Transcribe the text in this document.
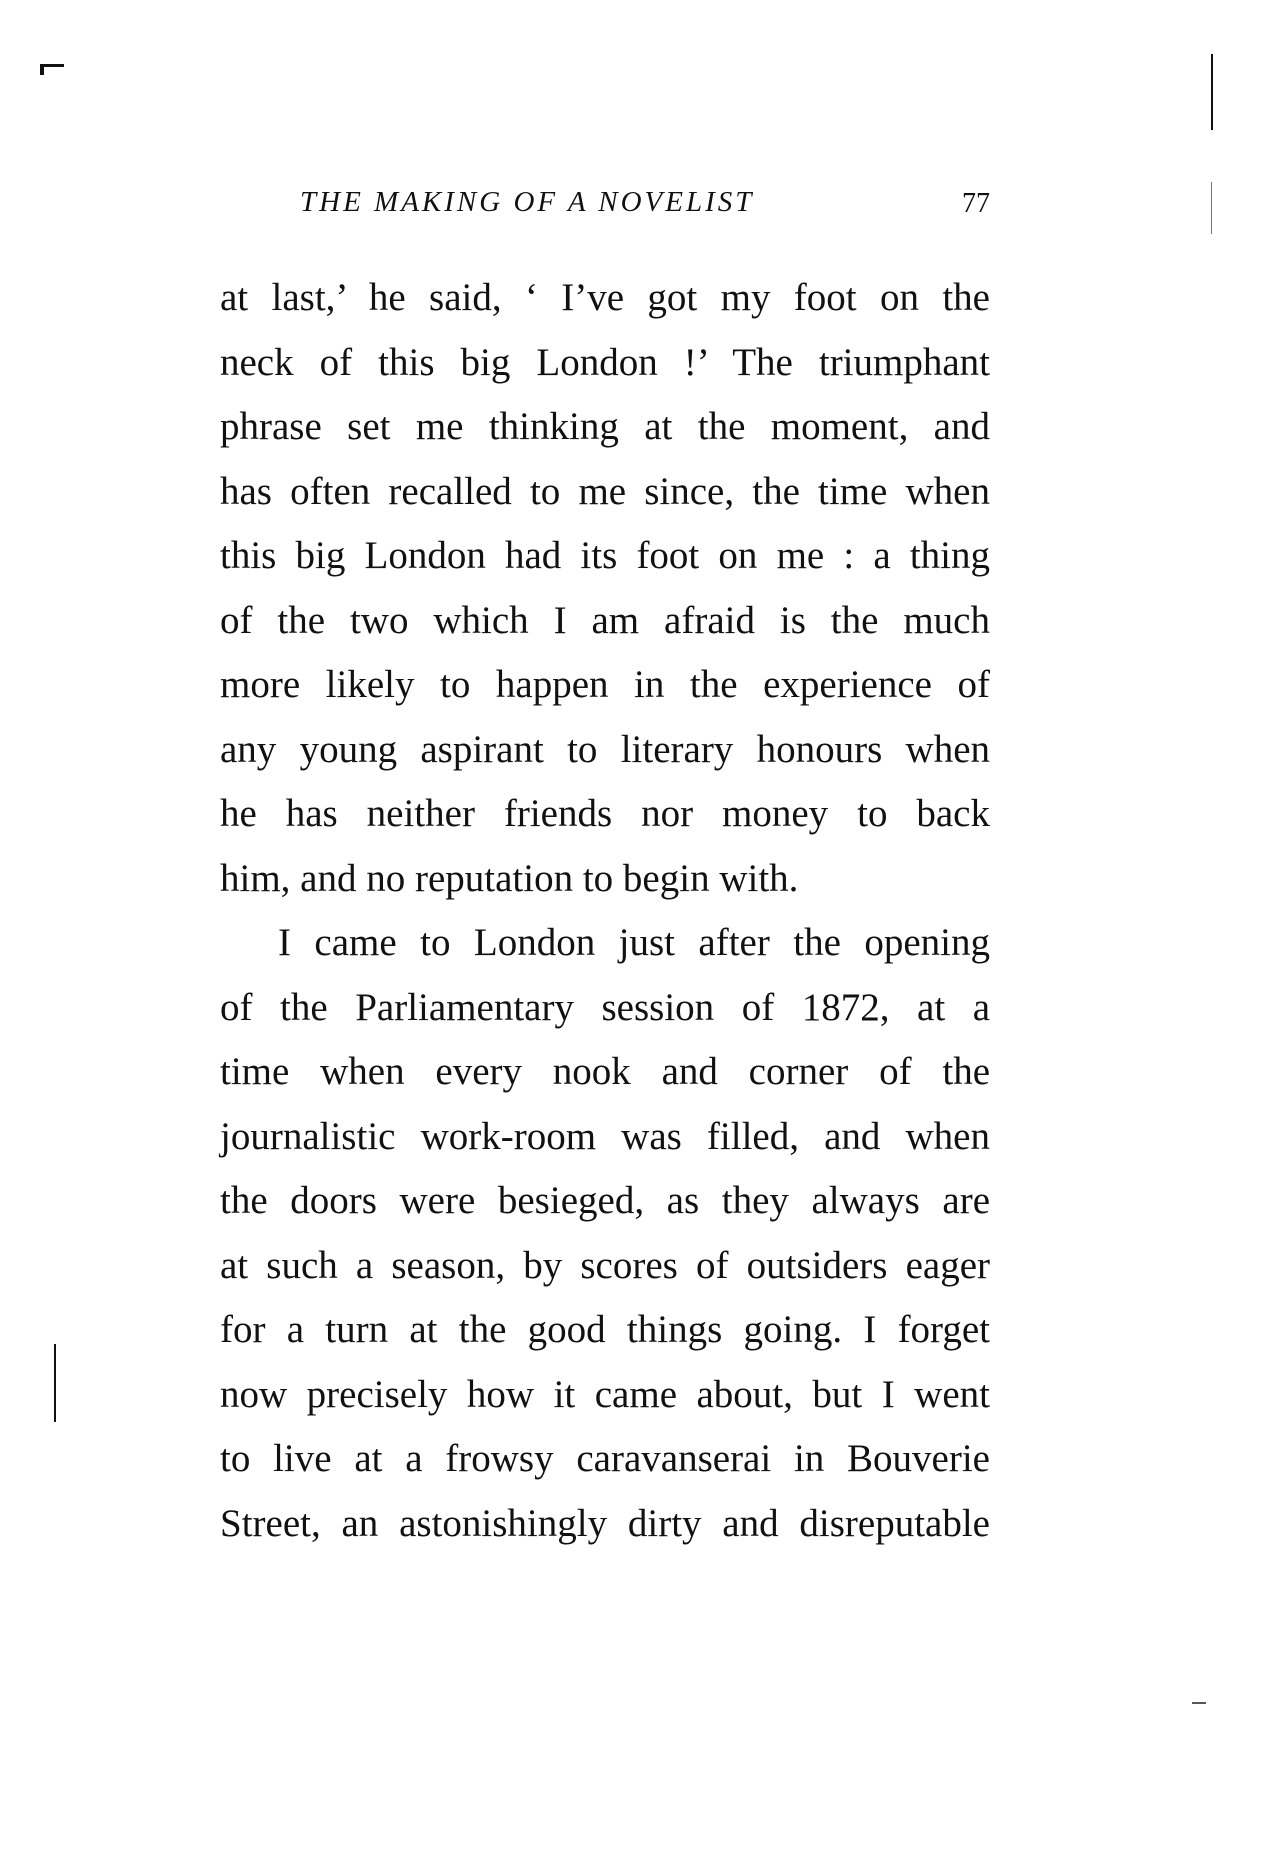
THE MAKING OF A NOVELIST	77
at last,’ he said, ‘ I’ve got my foot on the
neck of this big London !’ The triumphant
phrase set me thinking at the moment, and
has often recalled to me since, the time when
this big London had its foot on me : a thing
of the two which I am afraid is the much
more likely to happen in the experience of
any young aspirant to literary honours when
he has neither friends nor money to back
him, and no reputation to begin with.
I came to London just after the opening
of the Parliamentary session of 1872, at a
time when every nook and corner of the
journalistic work-room was filled, and when
the doors were besieged, as they always are
at such a season, by scores of outsiders eager
for a turn at the good things going. I forget
now precisely how it came about, but I went
to live at a frowsy caravanserai in Bouverie
Street, an astonishingly dirty and disreputable
